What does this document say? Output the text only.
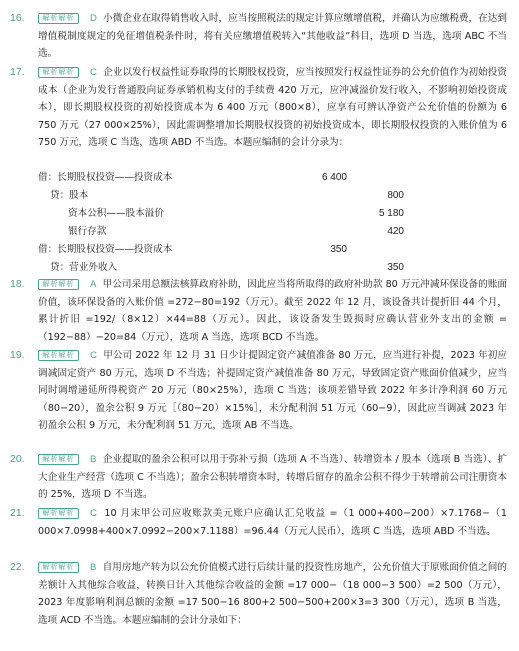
16.	解析解析	D 小微企业在取得销售收入时，应当按照税法的规定计算应缴增值税，并确认为应缴税费，在达到增值税制度规定的免征增值税条件时，将有关应缴增值税转入“其他收益”科目，选项 D 当选，选项 ABC 不当选。
17.	解析解析	C 企业以发行权益性证券取得的长期股权投资，应当按照发行权益性证券的公允价值作为初始投资成本（企业为发行普通股向证券承销机构支付的手续费 420 万元，应冲减溢价发行收入，不影响初始投资成本），即长期股权投资的初始投资成本为 6 400 万元（800×8），应享有可辨认净资产公允价值的份额为 6 750 万元（27 000×25%），因此需调整增加长期股权投资的初始投资成本，即长期股权投资的入账价值为 6 750 万元，选项 C 当选，选项 ABD 不当选。本题应编制的会计分录为：
借：长期股权投资——投资成本	6 400
贷：股本	800
资本公积——股本溢价	5 180
银行存款	420
借：长期股权投资——投资成本	350
贷：营业外收入	350
18.	解析解析	A 甲公司采用总额法核算政府补助，因此应当将所取得的政府补助款 80 万元冲减环保设备的账面价值，该环保设备的入账价值 =272−80=192（万元）。截至 2022 年 12 月，该设备共计提折旧 44 个月，累计折旧 =192/（8×12）×44=88（万元）。因此，该设备发生毁损时应确认营业外支出的金额 =（192−88）−20=84（万元），选项 A 当选，选项 BCD 不当选。
19.	解析解析	C 甲公司 2022 年 12 月 31 日少计提固定资产减值准备 80 万元，应当进行补提，2023 年初应调减固定资产 80 万元，选项 D 不当选；补提固定资产减值准备 80 万元，导致固定资产账面价值减少，应当同时调增递延所得税资产 20 万元（80×25%），选项 C 当选；该项差错导致 2022 年多计净利润 60 万元（80−20），盈余公积 9 万元［（80−20）×15%］，未分配利润 51 万元（60−9），因此应当调减 2023 年初盈余公积 9 万元，未分配利润 51 万元，选项 AB 不当选。
20.	解析解析	B 企业提取的盈余公积可以用于弥补亏损（选项 A 不当选）、转增资本 / 股本（选项 B 当选）、扩大企业生产经营（选项 C 不当选）；盈余公积转增资本时，转增后留存的盈余公积不得少于转增前公司注册资本的 25%，选项 D 不当选。
21.	解析解析	C 10 月末甲公司应收账款美元账户应确认汇兑收益 =（1 000+400−200）×7.1768−（1 000×7.0998+400×7.0992−200×7.1188）=96.44（万元人民币），选项 C 当选，选项 ABD 不当选。
22.	解析解析	B 自用房地产转为以公允价值模式进行后续计量的投资性房地产，公允价值大于原账面价值之间的差额计入其他综合收益，转换日计入其他综合收益的金额 =17 000−（18 000−3 500）=2 500（万元），2023 年度影响利润总额的金额 =17 500−16 800+2 500−500+200×3=3 300（万元），选项 B 当选，选项 ACD 不当选。本题应编制的会计分录如下：
